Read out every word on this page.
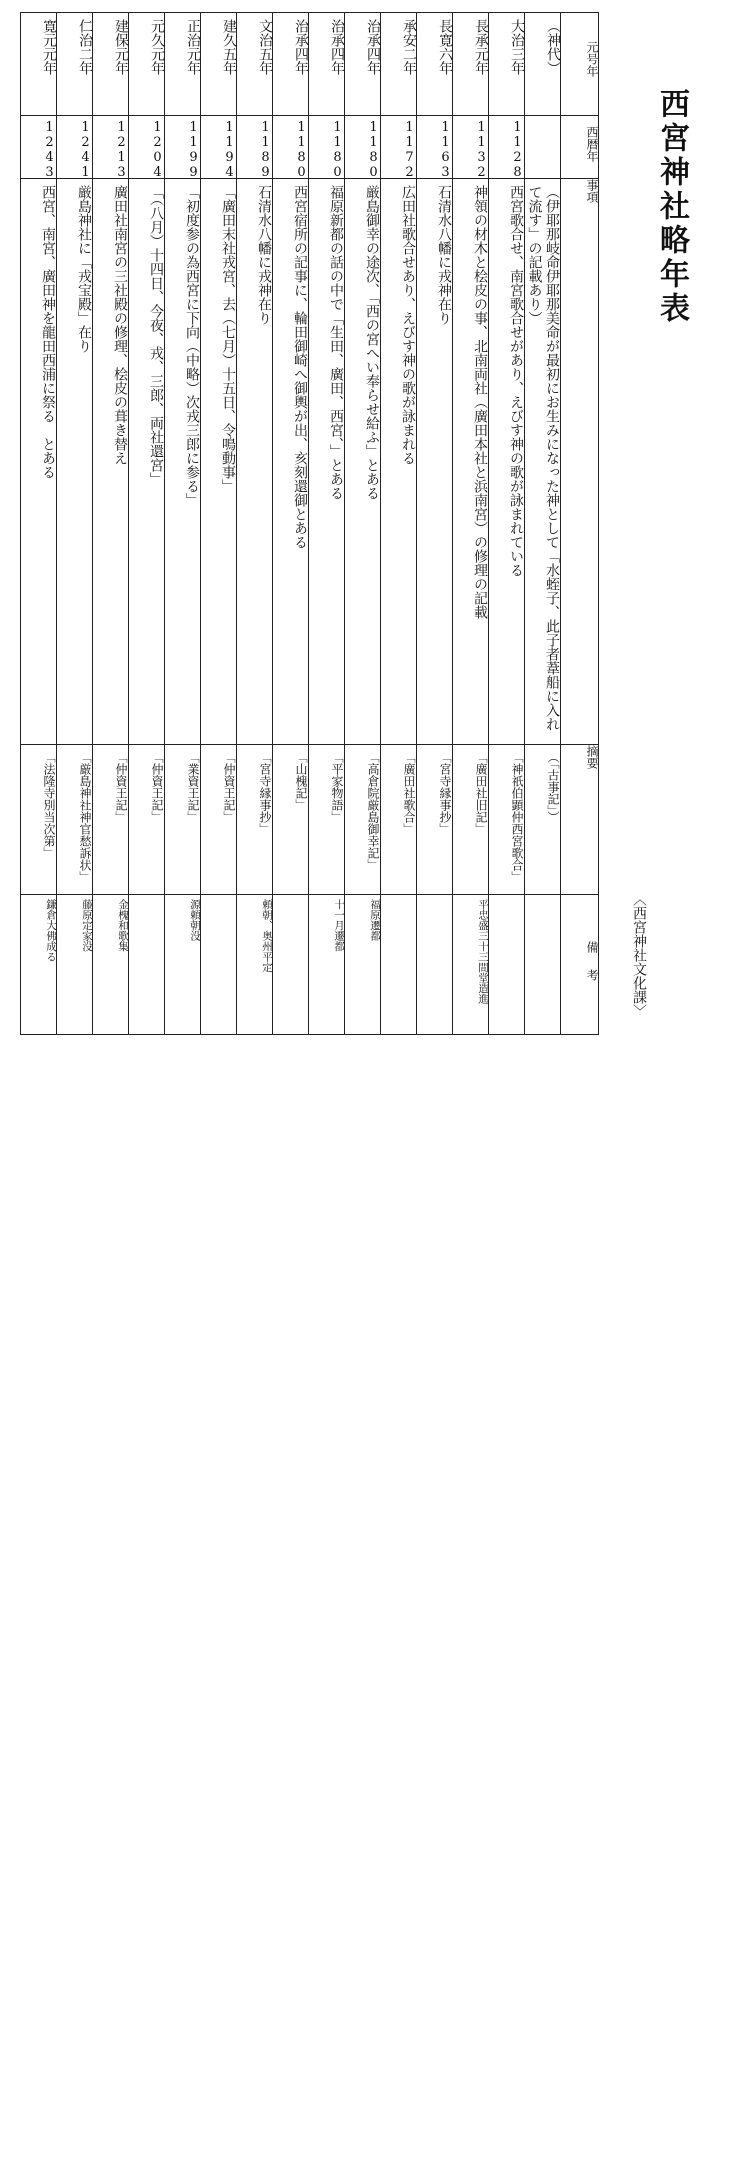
西宮神社略年表
元号年	（神代）	大治三年	長承元年	長寛六年	承安二年	治承四年	治承四年	治承四年	文治五年	建久五年	正治元年	元久元年	建保元年	仁治二年	寛元元年

西暦年		1128	1132	1163	1172	1180	1180	1180	1189	1194	1199	1204	1213	1241	1243

事項	（伊耶那岐命伊耶那美命が最初にお生みになった神として「水蛭子、此子者葦船に入れて流す」の記載あり）	西宮歌合せ、南宮歌合せがあり、えびす神の歌が詠まれている	神領の材木と桧皮の事、北南両社（廣田本社と浜南宮）の修理の記載	石清水八幡に戎神在り	広田社歌合せあり、えびす神の歌が詠まれる	厳島御幸の途次、「西の宮へい奉らせ給ふ」とある	福原新都の話の中で「生田、廣田、西宮、」とある	西宮宿所の記事に、輪田御崎へ御輿が出、亥刻還御とある	石清水八幡に戎神在り	「廣田末社戎宮、去（七月）十五日、令鳴動事」	「初度参の為西宮に下向（中略）次戎三郎に参る」	「（八月）十四日、今夜、戎、三郎、両社還宮」	廣田社南宮の三社殿の修理、桧皮の葺き替え	厳島神社に「戎宝殿」在り	西宮、南宮、廣田神を龍田西浦に祭る　とある

摘要	（「古事記」）	「神祇伯顕仲西宮歌合」	「廣田社旧記」	「宮寺縁事抄」	「廣田社歌合」	「高倉院厳島御幸記」	「平家物語」	「山槐記」	「宮寺縁事抄」	「仲資王記」	「業資王記」	「仲資王記」	「仲資王記」	「厳島神社神官愁訴状」	「法隆寺別当次第」

備考			平忠盛三十三間堂造進			福原遷都	十一月遷都		頼朝、奥州平定		源頼朝没		金槐和歌集	藤原定家没	鎌倉大佛成る	〈西宮神社文化課〉
